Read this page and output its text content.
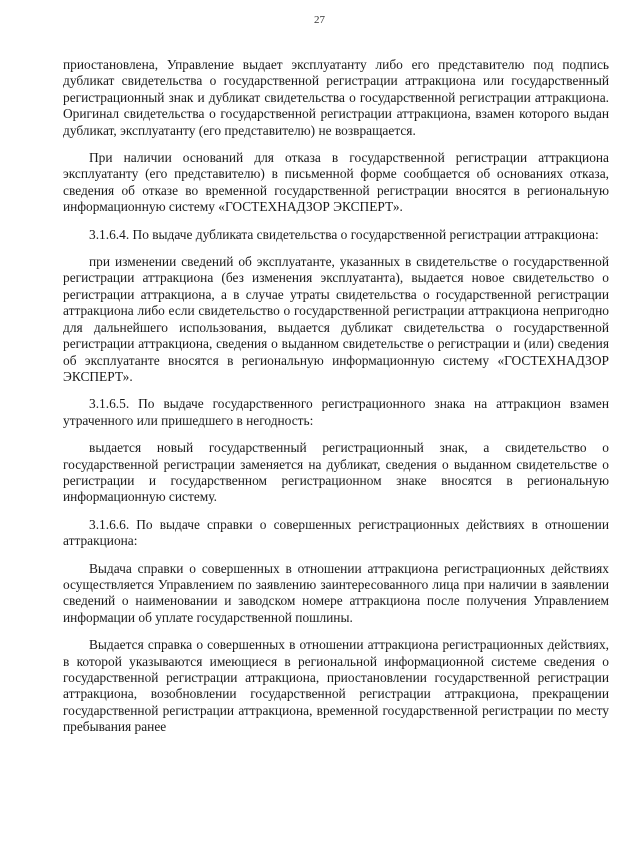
27

приостановлена, Управление выдает эксплуатанту либо его представителю под подпись дубликат свидетельства о государственной регистрации аттракциона или государственный регистрационный знак и дубликат свидетельства о государственной регистрации аттракциона. Оригинал свидетельства о государственной регистрации аттракциона, взамен которого выдан дубликат, эксплуатанту (его представителю) не возвращается.

При наличии оснований для отказа в государственной регистрации аттракциона эксплуатанту (его представителю) в письменной форме сообщается об основаниях отказа, сведения об отказе во временной государственной регистрации вносятся в региональную информационную систему «ГОСТЕХНАДЗОР ЭКСПЕРТ».

3.1.6.4. По выдаче дубликата свидетельства о государственной регистрации аттракциона:

при изменении сведений об эксплуатанте, указанных в свидетельстве о государственной регистрации аттракциона (без изменения эксплуатанта), выдается новое свидетельство о регистрации аттракциона, а в случае утраты свидетельства о государственной регистрации аттракциона либо если свидетельство о государственной регистрации аттракциона непригодно для дальнейшего использования, выдается дубликат свидетельства о государственной регистрации аттракциона, сведения о выданном свидетельстве о регистрации и (или) сведения об эксплуатанте вносятся в региональную информационную систему «ГОСТЕХНАДЗОР ЭКСПЕРТ».

3.1.6.5. По выдаче государственного регистрационного знака на аттракцион взамен утраченного или пришедшего в негодность:

выдается новый государственный регистрационный знак, а свидетельство о государственной регистрации заменяется на дубликат, сведения о выданном свидетельстве о регистрации и государственном регистрационном знаке вносятся в региональную информационную систему.

3.1.6.6. По выдаче справки о совершенных регистрационных действиях в отношении аттракциона:

Выдача справки о совершенных в отношении аттракциона регистрационных действиях осуществляется Управлением по заявлению заинтересованного лица при наличии в заявлении сведений о наименовании и заводском номере аттракциона после получения Управлением информации об уплате государственной пошлины.

Выдается справка о совершенных в отношении аттракциона регистрационных действиях, в которой указываются имеющиеся в региональной информационной системе сведения о государственной регистрации аттракциона, приостановлении государственной регистрации аттракциона, возобновлении государственной регистрации аттракциона, прекращении государственной регистрации аттракциона, временной государственной регистрации по месту пребывания ранее
